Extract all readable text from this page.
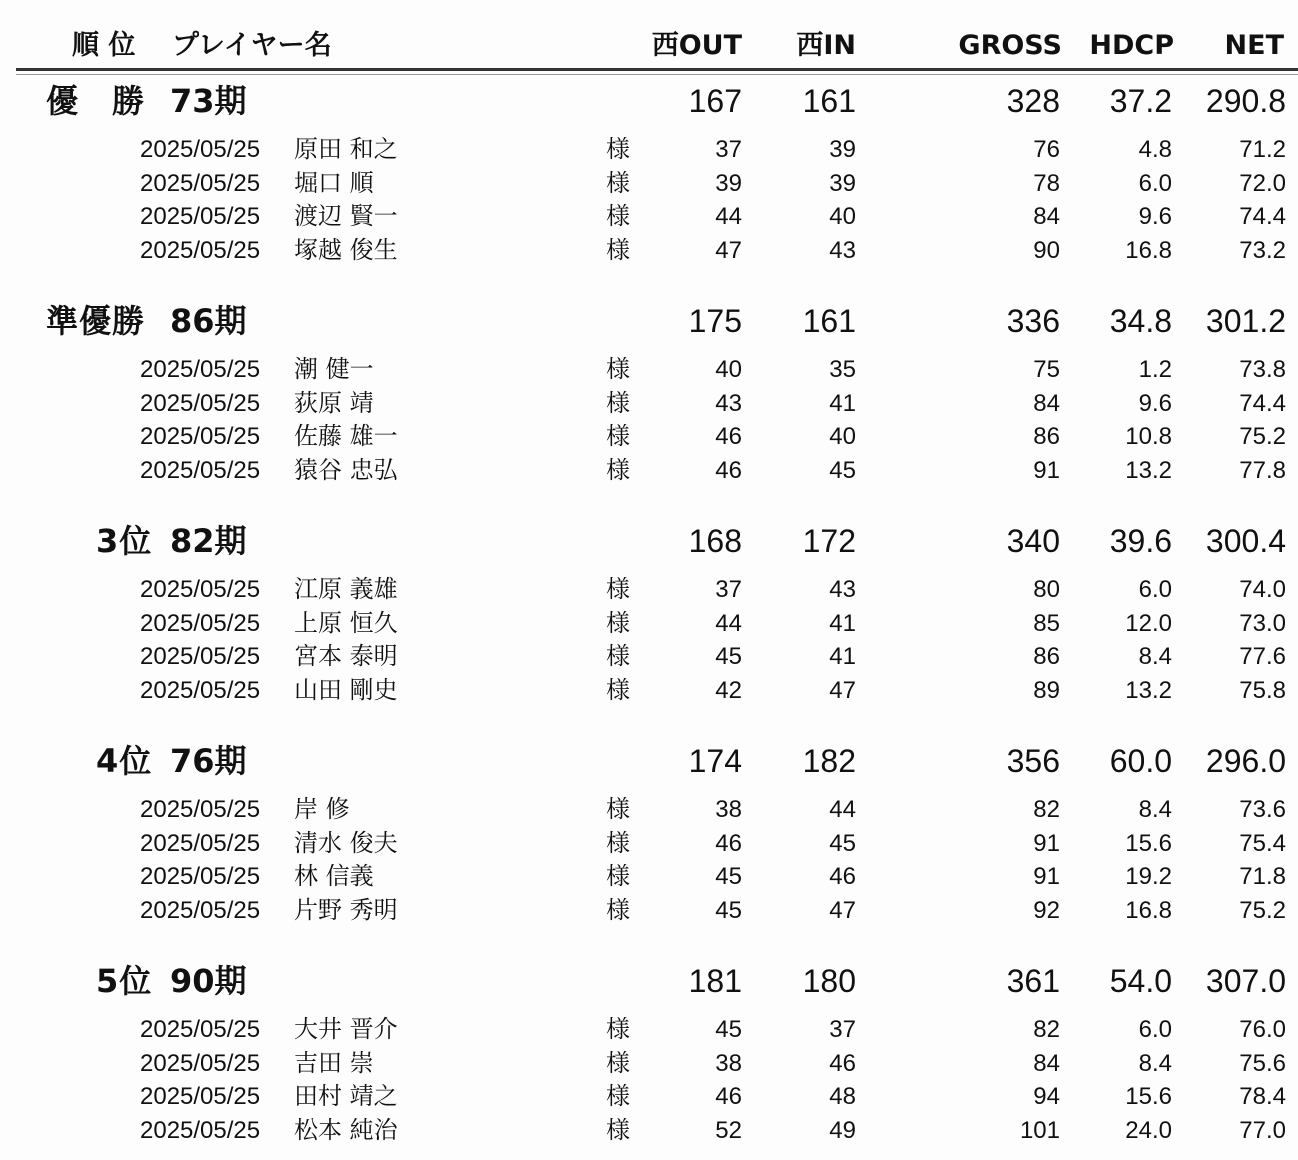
順 位 プレイヤー名	西OUT	西IN	GROSS	HDCP	NET
優　勝 73期	167	161	328	37.2	290.8
2025/05/25 原田 和之	様	37	39	76	4.8	71.2
2025/05/25 堀口 順	様	39	39	78	6.0	72.0
2025/05/25 渡辺 賢一	様	44	40	84	9.6	74.4
2025/05/25 塚越 俊生	様	47	43	90	16.8	73.2
準優勝 86期	175	161	336	34.8	301.2
2025/05/25 潮 健一	様	40	35	75	1.2	73.8
2025/05/25 荻原 靖	様	43	41	84	9.6	74.4
2025/05/25 佐藤 雄一	様	46	40	86	10.8	75.2
2025/05/25 猿谷 忠弘	様	46	45	91	13.2	77.8
3位 82期	168	172	340	39.6	300.4
2025/05/25 江原 義雄	様	37	43	80	6.0	74.0
2025/05/25 上原 恒久	様	44	41	85	12.0	73.0
2025/05/25 宮本 泰明	様	45	41	86	8.4	77.6
2025/05/25 山田 剛史	様	42	47	89	13.2	75.8
4位 76期	174	182	356	60.0	296.0
2025/05/25 岸 修	様	38	44	82	8.4	73.6
2025/05/25 清水 俊夫	様	46	45	91	15.6	75.4
2025/05/25 林 信義	様	45	46	91	19.2	71.8
2025/05/25 片野 秀明	様	45	47	92	16.8	75.2
5位 90期	181	180	361	54.0	307.0
2025/05/25 大井 晋介	様	45	37	82	6.0	76.0
2025/05/25 吉田 崇	様	38	46	84	8.4	75.6
2025/05/25 田村 靖之	様	46	48	94	15.6	78.4
2025/05/25 松本 純治	様	52	49	101	24.0	77.0
